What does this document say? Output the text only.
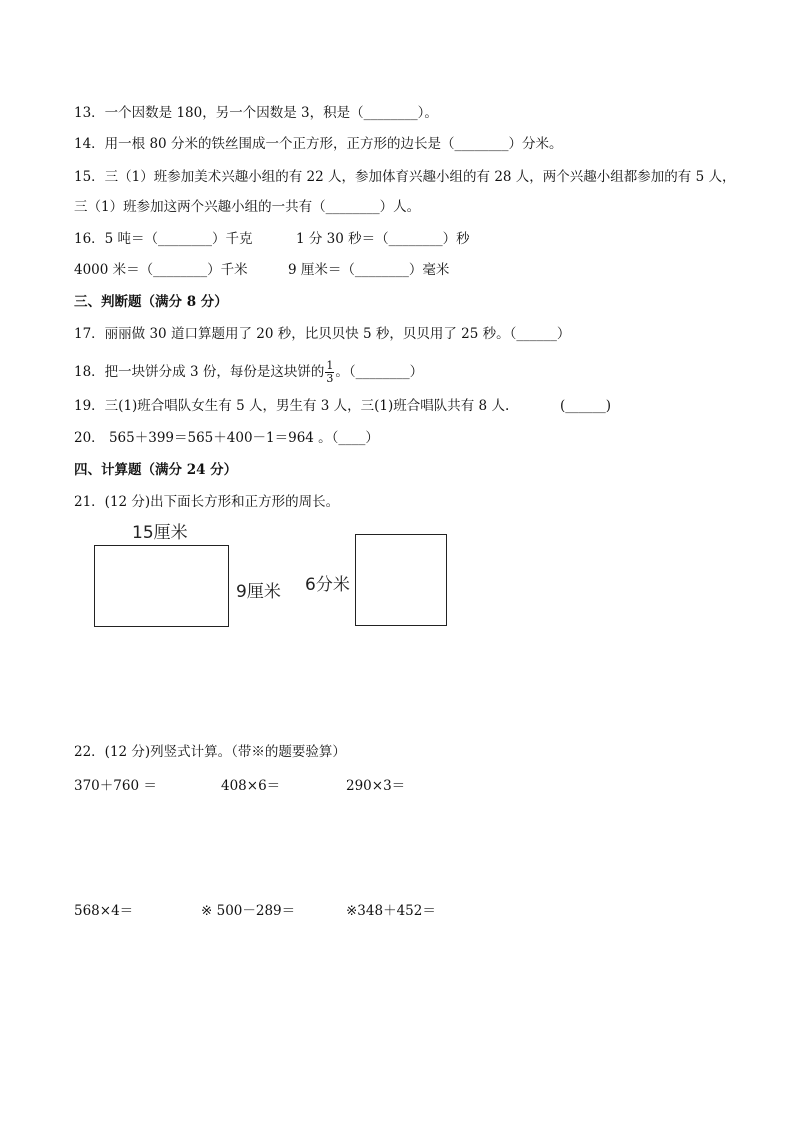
13．一个因数是 180，另一个因数是 3，积是（________）。
14．用一根 80 分米的铁丝围成一个正方形，正方形的边长是（________）分米。
15．三（1）班参加美术兴趣小组的有 22 人，参加体育兴趣小组的有 28 人，两个兴趣小组都参加的有 5 人，
三（1）班参加这两个兴趣小组的一共有（________）人。
16．5 吨＝（________）千克	1 分 30 秒＝（________）秒
4000 米＝（________）千米	9 厘米＝（________）毫米
三、判断题（满分 8 分）
17．丽丽做 30 道口算题用了 20 秒，比贝贝快 5 秒，贝贝用了 25 秒。（______）
18．把一块饼分成 3 份，每份是这块饼的 $\frac{1}{3}$ 。（________）
19．三(1)班合唱队女生有 5 人，男生有 3 人，三(1)班合唱队共有 8 人.	(______)
20． 565＋399＝565＋400－1＝964 。（____）
四、计算题（满分 24 分）
21．(12 分)出下面长方形和正方形的周长。
15厘米
9厘米 6分米
22．(12 分)列竖式计算。（带※的题要验算）
370＋760 ＝	408×6＝	290×3＝
568×4＝	※ 500－289＝	※348＋452＝
